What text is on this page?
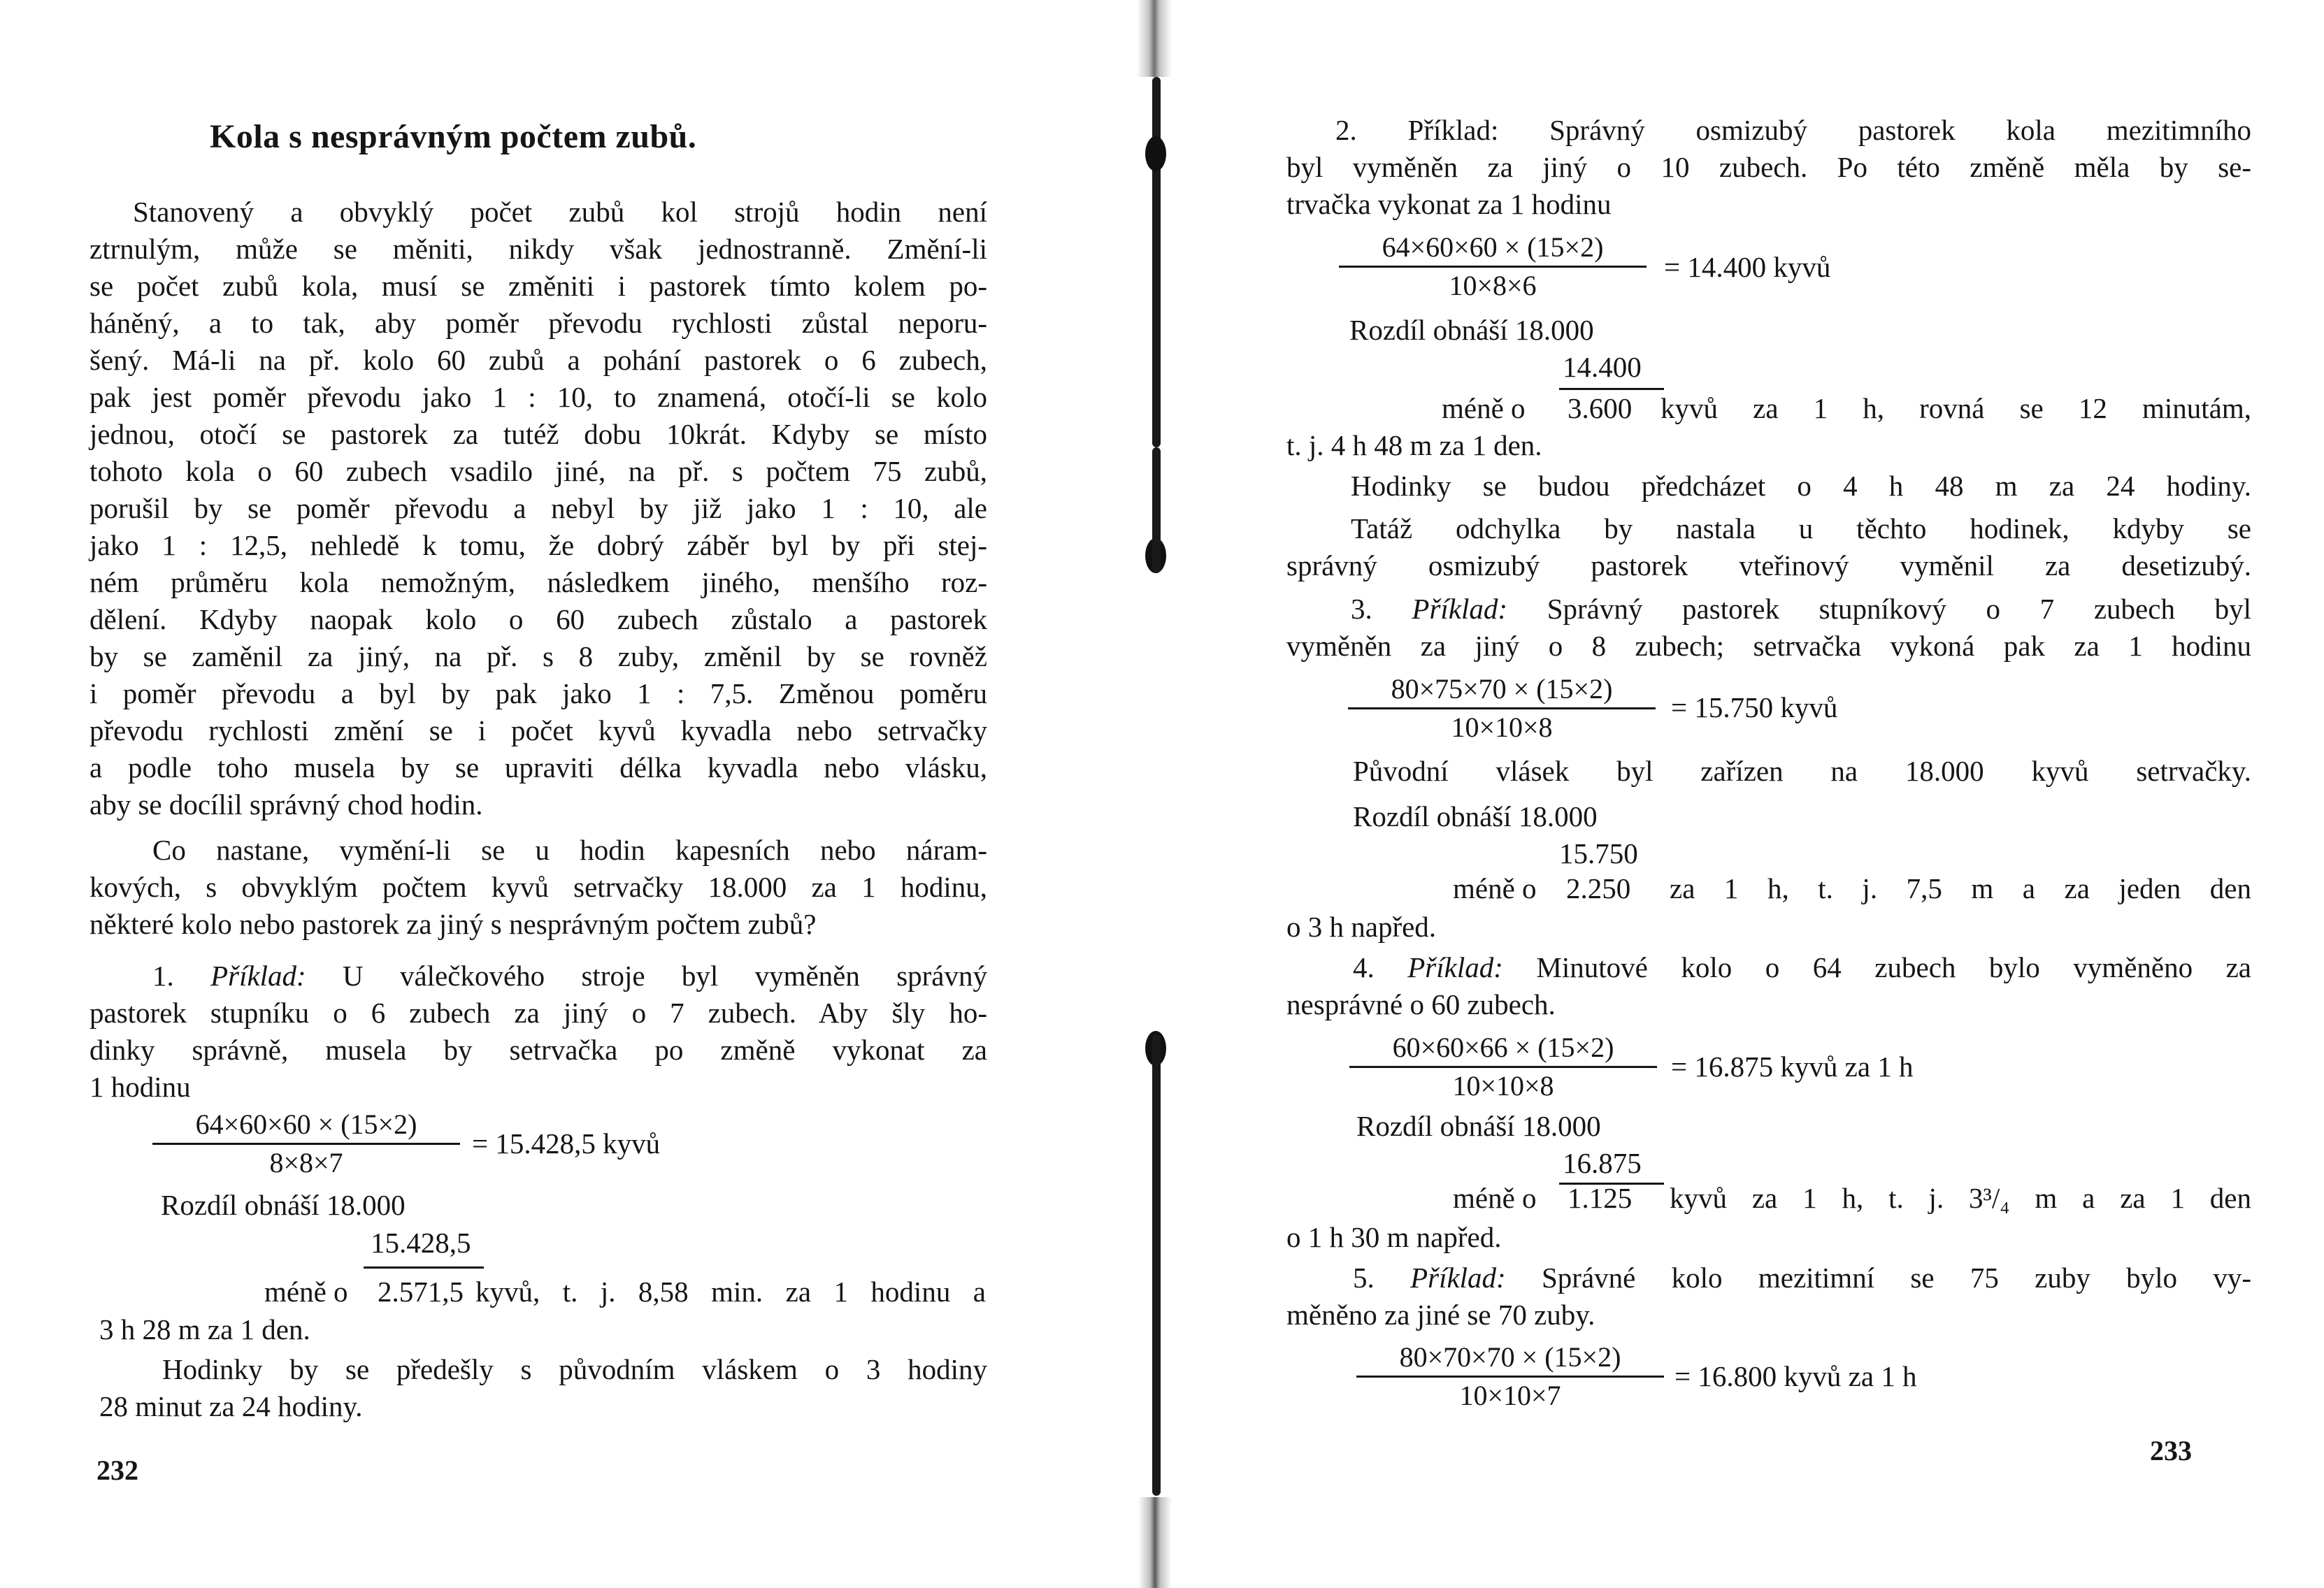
Kola s nesprávným počtem zubů.
Stanovený a obvyklý počet zubů kol strojů hodin není
ztrnulým, může se měniti, nikdy však jednostranně. Změní-li
se počet zubů kola, musí se změniti i pastorek tímto kolem po-
háněný, a to tak, aby poměr převodu rychlosti zůstal neporu-
šený. Má-li na př. kolo 60 zubů a pohání pastorek o 6 zubech,
pak jest poměr převodu jako 1 : 10, to znamená, otočí-li se kolo
jednou, otočí se pastorek za tutéž dobu 10krát. Kdyby se místo
tohoto kola o 60 zubech vsadilo jiné, na př. s počtem 75 zubů,
porušil by se poměr převodu a nebyl by již jako 1 : 10, ale
jako 1 : 12,5, nehledě k tomu, že dobrý záběr byl by při stej-
ném průměru kola nemožným, následkem jiného, menšího roz-
dělení. Kdyby naopak kolo o 60 zubech zůstalo a pastorek
by se zaměnil za jiný, na př. s 8 zuby, změnil by se rovněž
i poměr převodu a byl by pak jako 1 : 7,5. Změnou poměru
převodu rychlosti změní se i počet kyvů kyvadla nebo setrvačky
a podle toho musela by se upraviti délka kyvadla nebo vlásku,
aby se docílil správný chod hodin.
Co nastane, vymění-li se u hodin kapesních nebo náram-
kových, s obvyklým počtem kyvů setrvačky 18.000 za 1 hodinu,
některé kolo nebo pastorek za jiný s nesprávným počtem zubů?
1. Příklad: U válečkového stroje byl vyměněn správný
pastorek stupníku o 6 zubech za jiný o 7 zubech. Aby šly ho-
dinky správně, musela by setrvačka po změně vykonat za
1 hodinu
$\frac{64\times 60\times 60 \times (15\times 2)}{8\times 8\times 7} = 15.428,5$ kyvů
Rozdíl obnáší 18.000
15.428,5
méně o 2.571,5 kyvů, t. j. 8,58 min. za 1 hodinu a
3 h 28 m za 1 den.
Hodinky by se předešly s původním vláskem o 3 hodiny
28 minut za 24 hodiny.
232
2. Příklad: Správný osmizubý pastorek kola mezitimního
byl vyměněn za jiný o 10 zubech. Po této změně měla by se-
trvačka vykonat za 1 hodinu
$\frac{64\times 60\times 60 \times (15\times 2)}{10\times 8\times 6} = 14.400$ kyvů
Rozdíl obnáší 18.000
14.400
méně o 3.600 kyvů za 1 h, rovná se 12 minutám,
t. j. 4 h 48 m za 1 den.
Hodinky se budou předcházet o 4 h 48 m za 24 hodiny.
Tatáž odchylka by nastala u těchto hodinek, kdyby se
správný osmizubý pastorek vteřinový vyměnil za desetizubý.
3. Příklad: Správný pastorek stupníkový o 7 zubech byl
vyměněn za jiný o 8 zubech; setrvačka vykoná pak za 1 hodinu
$\frac{80\times 75\times 70 \times (15\times 2)}{10\times 10\times 8} = 15.750$ kyvů
Původní vlásek byl zařízen na 18.000 kyvů setrvačky.
Rozdíl obnáší 18.000
15.750
méně o 2.250 za 1 h, t. j. 7,5 m a za jeden den
o 3 h napřed.
4. Příklad: Minutové kolo o 64 zubech bylo vyměněno za
nesprávné o 60 zubech.
$\frac{60\times 60\times 66 \times (15\times 2)}{10\times 10\times 8} = 16.875$ kyvů za 1 h
Rozdíl obnáší 18.000
16.875
méně o 1.125 kyvů za 1 h, t. j. 3³/₄ m a za 1 den
o 1 h 30 m napřed.
5. Příklad: Správné kolo mezitimní se 75 zuby bylo vy-
měněno za jiné se 70 zuby.
$\frac{80\times 70\times 70 \times (15\times 2)}{10\times 10\times 7} = 16.800$ kyvů za 1 h
233
